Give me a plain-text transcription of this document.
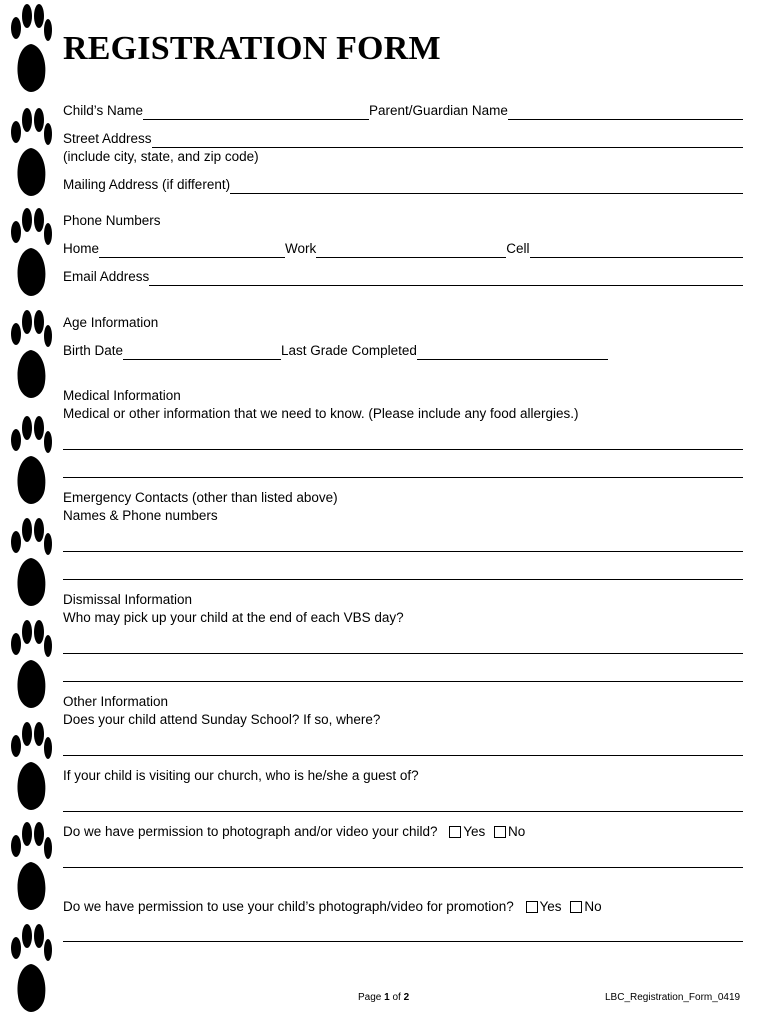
REGISTRATION FORM
Child’s Name	Parent/Guardian Name
Street Address
(include city, state, and zip code)
Mailing Address (if different)
Phone Numbers
Home	Work	Cell
Email Address
Age Information
Birth Date	Last Grade Completed
Medical Information
Medical or other information that we need to know. (Please include any food allergies.)
Emergency Contacts (other than listed above)
Names & Phone numbers
Dismissal Information
Who may pick up your child at the end of each VBS day?
Other Information
Does your child attend Sunday School? If so, where?
If your child is visiting our church, who is he/she a guest of?
Do we have permission to photograph and/or video your child? Yes No
Do we have permission to use your child’s photograph/video for promotion? Yes No
Page 1 of 2	LBC_Registration_Form_0419
